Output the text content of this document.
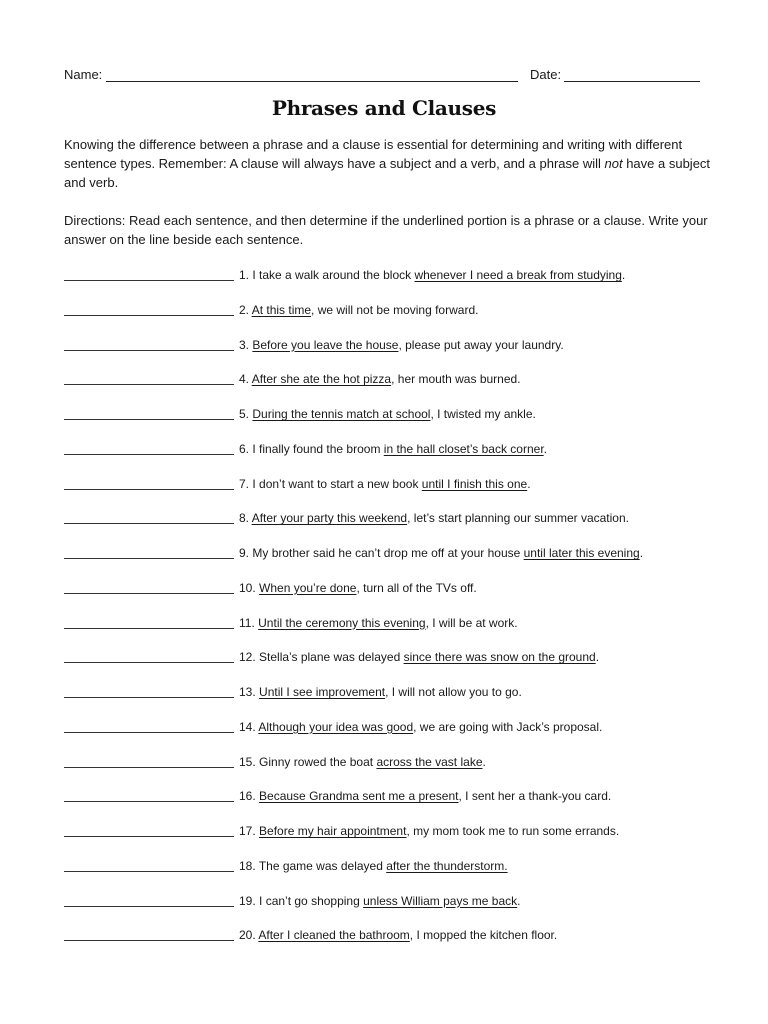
Name:	Date:
Phrases and Clauses
Knowing the difference between a phrase and a clause is essential for determining and writing with different sentence types. Remember: A clause will always have a subject and a verb, and a phrase will not have a subject and verb.
Directions: Read each sentence, and then determine if the underlined portion is a phrase or a clause. Write your answer on the line beside each sentence.
1. I take a walk around the block whenever I need a break from studying.
2. At this time, we will not be moving forward.
3. Before you leave the house, please put away your laundry.
4. After she ate the hot pizza, her mouth was burned.
5. During the tennis match at school, I twisted my ankle.
6. I finally found the broom in the hall closet’s back corner.
7. I don’t want to start a new book until I finish this one.
8. After your party this weekend, let’s start planning our summer vacation.
9. My brother said he can’t drop me off at your house until later this evening.
10. When you’re done, turn all of the TVs off.
11. Until the ceremony this evening, I will be at work.
12. Stella’s plane was delayed since there was snow on the ground.
13. Until I see improvement, I will not allow you to go.
14. Although your idea was good, we are going with Jack’s proposal.
15. Ginny rowed the boat across the vast lake.
16. Because Grandma sent me a present, I sent her a thank-you card.
17. Before my hair appointment, my mom took me to run some errands.
18. The game was delayed after the thunderstorm.
19. I can’t go shopping unless William pays me back.
20. After I cleaned the bathroom, I mopped the kitchen floor.
